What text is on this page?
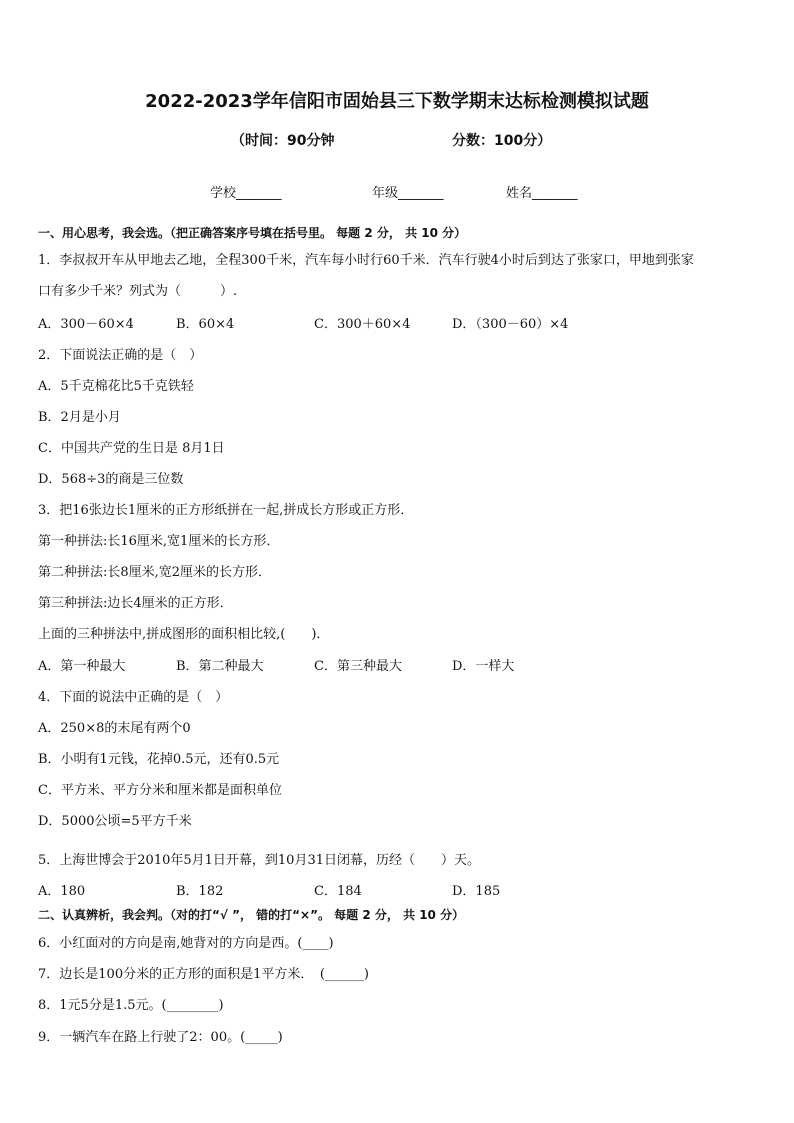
2022-2023学年信阳市固始县三下数学期末达标检测模拟试题
（时间：90分钟	分数：100分）
学校_______	年级_______	姓名_______
一、用心思考，我会选。（把正确答案序号填在括号里。 每题 2 分， 共 10 分）
1．李叔叔开车从甲地去乙地，全程300千米，汽车每小时行60千米．汽车行驶4小时后到达了张家口，甲地到张家
口有多少千米？列式为（　　　）.
A．300－60×4	B．60×4	C．300＋60×4	D．（300－60）×4
2．下面说法正确的是（　）
A．5千克棉花比5千克铁轻
B．2月是小月
C．中国共产党的生日是 8月1日
D．568÷3的商是三位数
3．把16张边长1厘米的正方形纸拼在一起,拼成长方形或正方形．
第一种拼法:长16厘米,宽1厘米的长方形．
第二种拼法:长8厘米,宽2厘米的长方形．
第三种拼法:边长4厘米的正方形．
上面的三种拼法中,拼成图形的面积相比较,(　　)．
A．第一种最大	B．第二种最大	C．第三种最大	D．一样大
4．下面的说法中正确的是（　）
A．250×8的末尾有两个0
B．小明有1元钱，花掉0.5元，还有0.5元
C．平方米、平方分米和厘米都是面积单位
D．5000公顷=5平方千米
5．上海世博会于2010年5月1日开幕，到10月31日闭幕，历经（　　）天。
A．180	B．182	C．184	D．185
二、认真辨析，我会判。（对的打“√ ”， 错的打“×”。 每题 2 分， 共 10 分）
6．小红面对的方向是南,她背对的方向是西。(____)
7．边长是100分米的正方形的面积是1平方米．　(______)
8．1元5分是1.5元。(________)
9．一辆汽车在路上行驶了2：00。(_____)
